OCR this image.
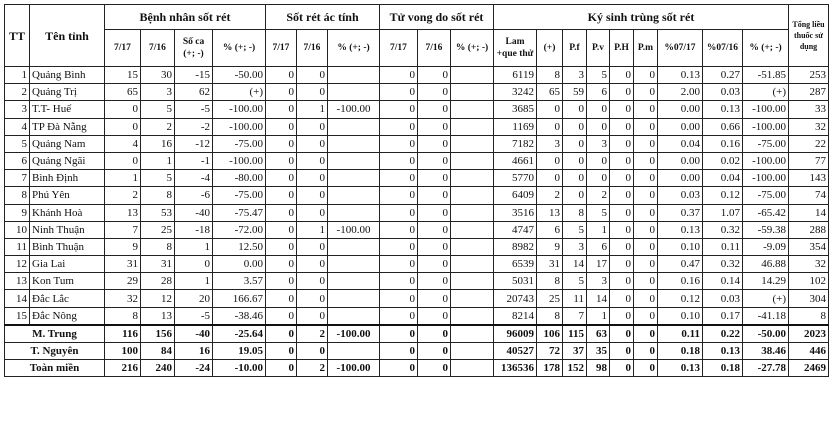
TT	Tên tỉnh	Bệnh nhân sốt rét				Sốt rét ác tính			Tử vong do sốt rét			Ký sinh trùng sốt rét									Tổng liều thuốc sử dụng
		7/17	7/16	Số ca (+; -)	% (+; -)	7/17	7/16	% (+; -)	7/17	7/16	% (+; -)	Lam +que thử	(+)	P.f	P.v	P.H	P.m	%07/17	%07/16	% (+; -)	
1	Quảng Bình	15	30	-15	-50.00	0	0		0	0		6119	8	3	5	0	0	0.13	0.27	-51.85	253
2	Quảng Trị	65	3	62	(+)	0	0		0	0		3242	65	59	6	0	0	2.00	0.03	(+)	287
3	T.T- Huế	0	5	-5	-100.00	0	1	-100.00	0	0		3685	0	0	0	0	0	0.00	0.13	-100.00	33
4	TP Đà Nẵng	0	2	-2	-100.00	0	0		0	0		1169	0	0	0	0	0	0.00	0.66	-100.00	32
5	Quảng Nam	4	16	-12	-75.00	0	0		0	0		7182	3	0	3	0	0	0.04	0.16	-75.00	22
6	Quảng Ngãi	0	1	-1	-100.00	0	0		0	0		4661	0	0	0	0	0	0.00	0.02	-100.00	77
7	Bình Định	1	5	-4	-80.00	0	0		0	0		5770	0	0	0	0	0	0.00	0.04	-100.00	143
8	Phú Yên	2	8	-6	-75.00	0	0		0	0		6409	2	0	2	0	0	0.03	0.12	-75.00	74
9	Khánh Hoà	13	53	-40	-75.47	0	0		0	0		3516	13	8	5	0	0	0.37	1.07	-65.42	14
10	Ninh Thuận	7	25	-18	-72.00	0	1	-100.00	0	0		4747	6	5	1	0	0	0.13	0.32	-59.38	288
11	Bình Thuận	9	8	1	12.50	0	0		0	0		8982	9	3	6	0	0	0.10	0.11	-9.09	354
12	Gia Lai	31	31	0	0.00	0	0		0	0		6539	31	14	17	0	0	0.47	0.32	46.88	32
13	Kon Tum	29	28	1	3.57	0	0		0	0		5031	8	5	3	0	0	0.16	0.14	14.29	102
14	Đắc Lắc	32	12	20	166.67	0	0		0	0		20743	25	11	14	0	0	0.12	0.03	(+)	304
15	Đắc Nông	8	13	-5	-38.46	0	0		0	0		8214	8	7	1	0	0	0.10	0.17	-41.18	8
M. Trung		116	156	-40	-25.64	0	2	-100.00	0	0		96009	106	115	63	0	0	0.11	0.22	-50.00	2023
T. Nguyên		100	84	16	19.05	0	0		0	0		40527	72	37	35	0	0	0.18	0.13	38.46	446
Toàn miền		216	240	-24	-10.00	0	2	-100.00	0	0		136536	178	152	98	0	0	0.13	0.18	-27.78	2469
